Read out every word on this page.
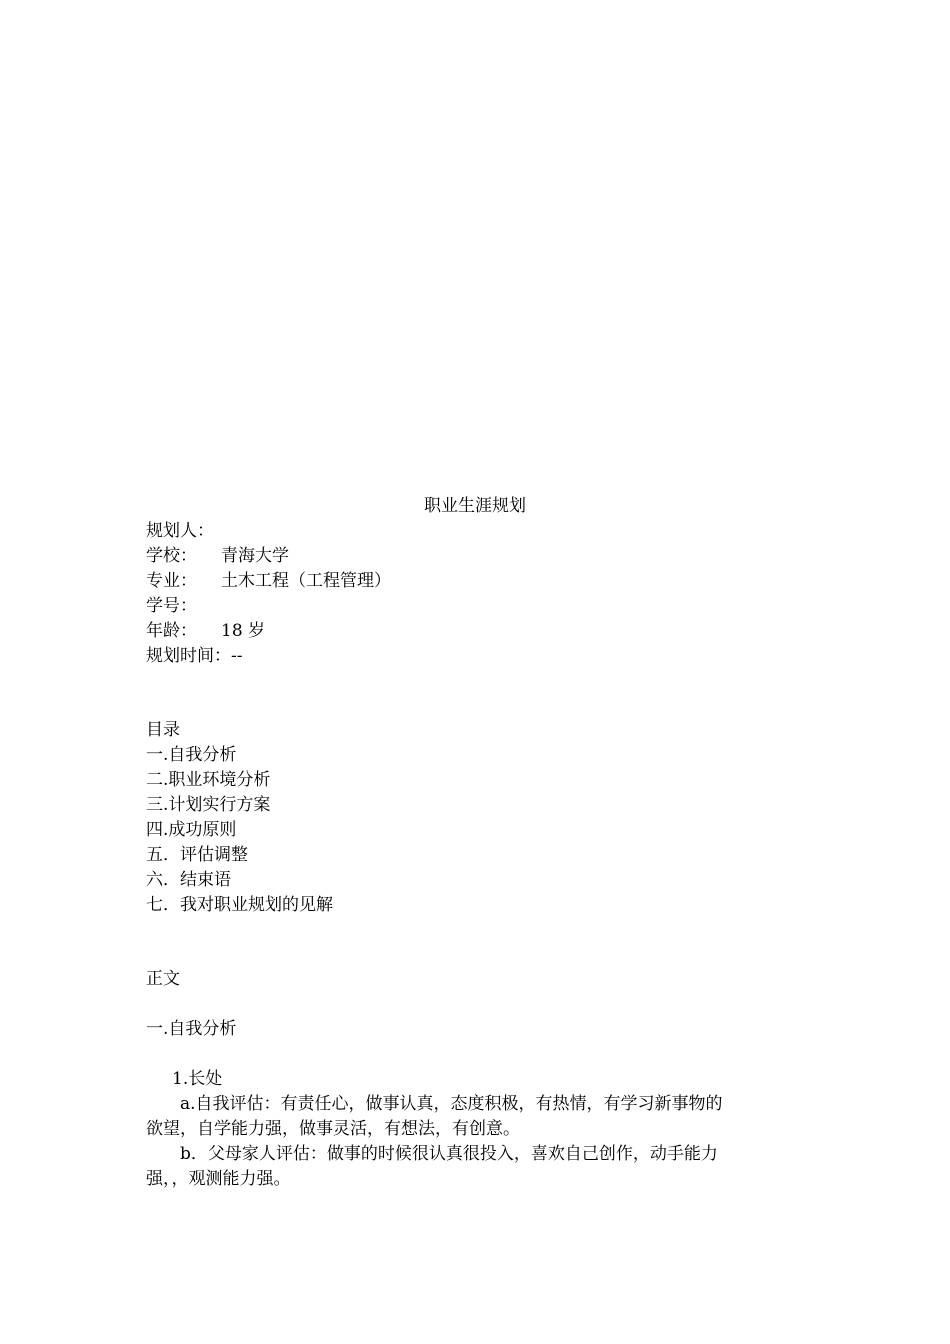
职业生涯规划
规划人：
学校： 青海大学
专业： 土木工程（工程管理）
学号：
年龄： 18 岁
规划时间：--
目录
一.自我分析
二.职业环境分析
三.计划实行方案
四.成功原则
五．评估调整
六．结束语
七．我对职业规划的见解
正文
一.自我分析
1.长处
a.自我评估：有责任心，做事认真，态度积极，有热情，有学习新事物的
欲望，自学能力强，做事灵活，有想法，有创意。
b．父母家人评估：做事的时候很认真很投入，喜欢自己创作，动手能力
强，，观测能力强。
